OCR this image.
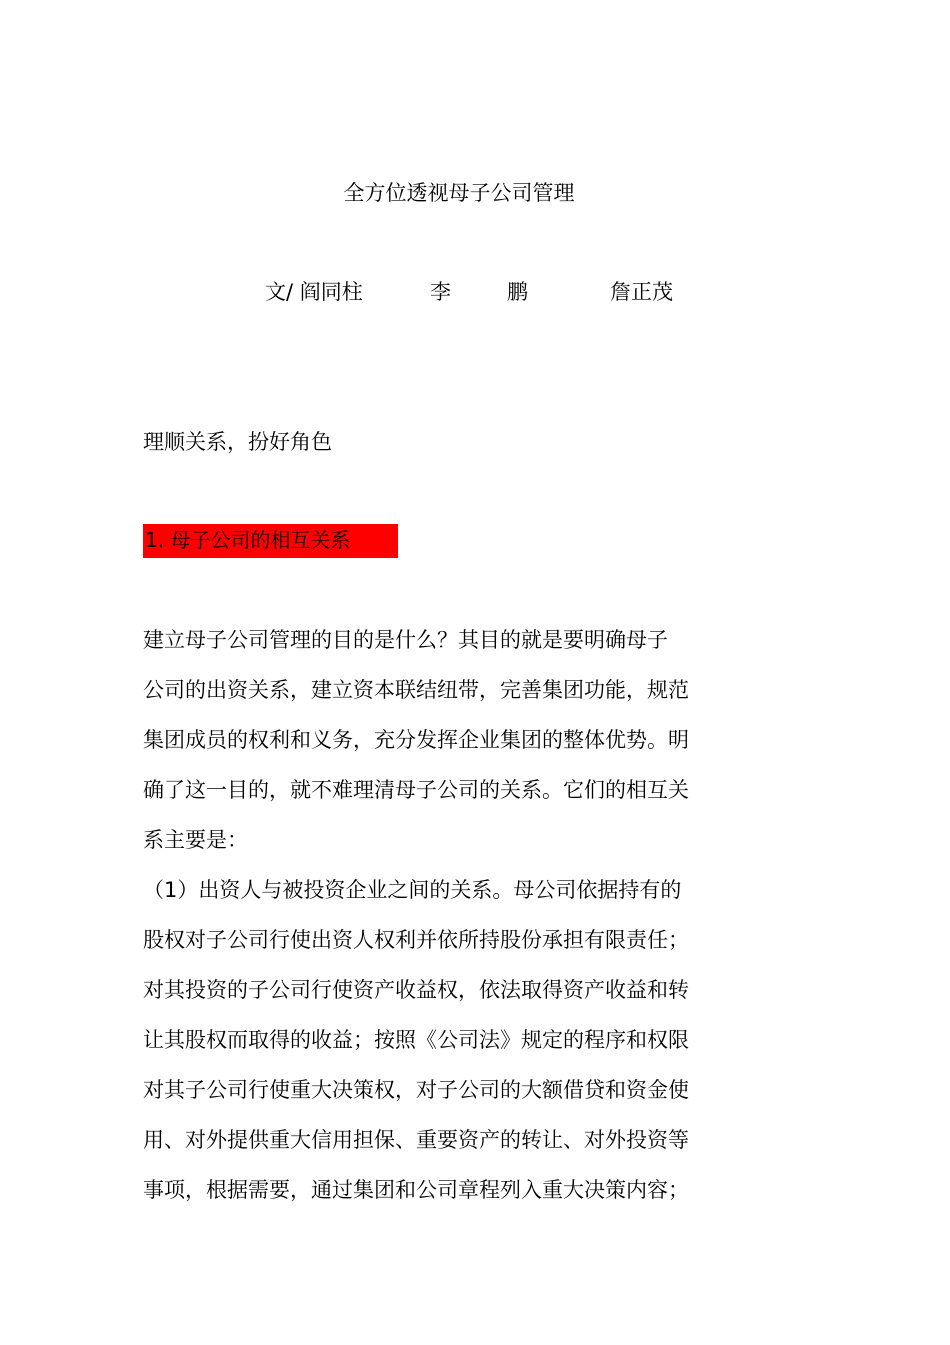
全方位透视母子公司管理
文/ 阎同柱	李	鹏	詹正茂
理顺关系，扮好角色
1. 母子公司的相互关系
建立母子公司管理的目的是什么？其目的就是要明确母子
公司的出资关系，建立资本联结纽带，完善集团功能，规范
集团成员的权利和义务，充分发挥企业集团的整体优势。明
确了这一目的，就不难理清母子公司的关系。它们的相互关
系主要是：
（1）出资人与被投资企业之间的关系。母公司依据持有的
股权对子公司行使出资人权利并依所持股份承担有限责任；
对其投资的子公司行使资产收益权，依法取得资产收益和转
让其股权而取得的收益；按照《公司法》规定的程序和权限
对其子公司行使重大决策权，对子公司的大额借贷和资金使
用、对外提供重大信用担保、重要资产的转让、对外投资等
事项，根据需要，通过集团和公司章程列入重大决策内容；
